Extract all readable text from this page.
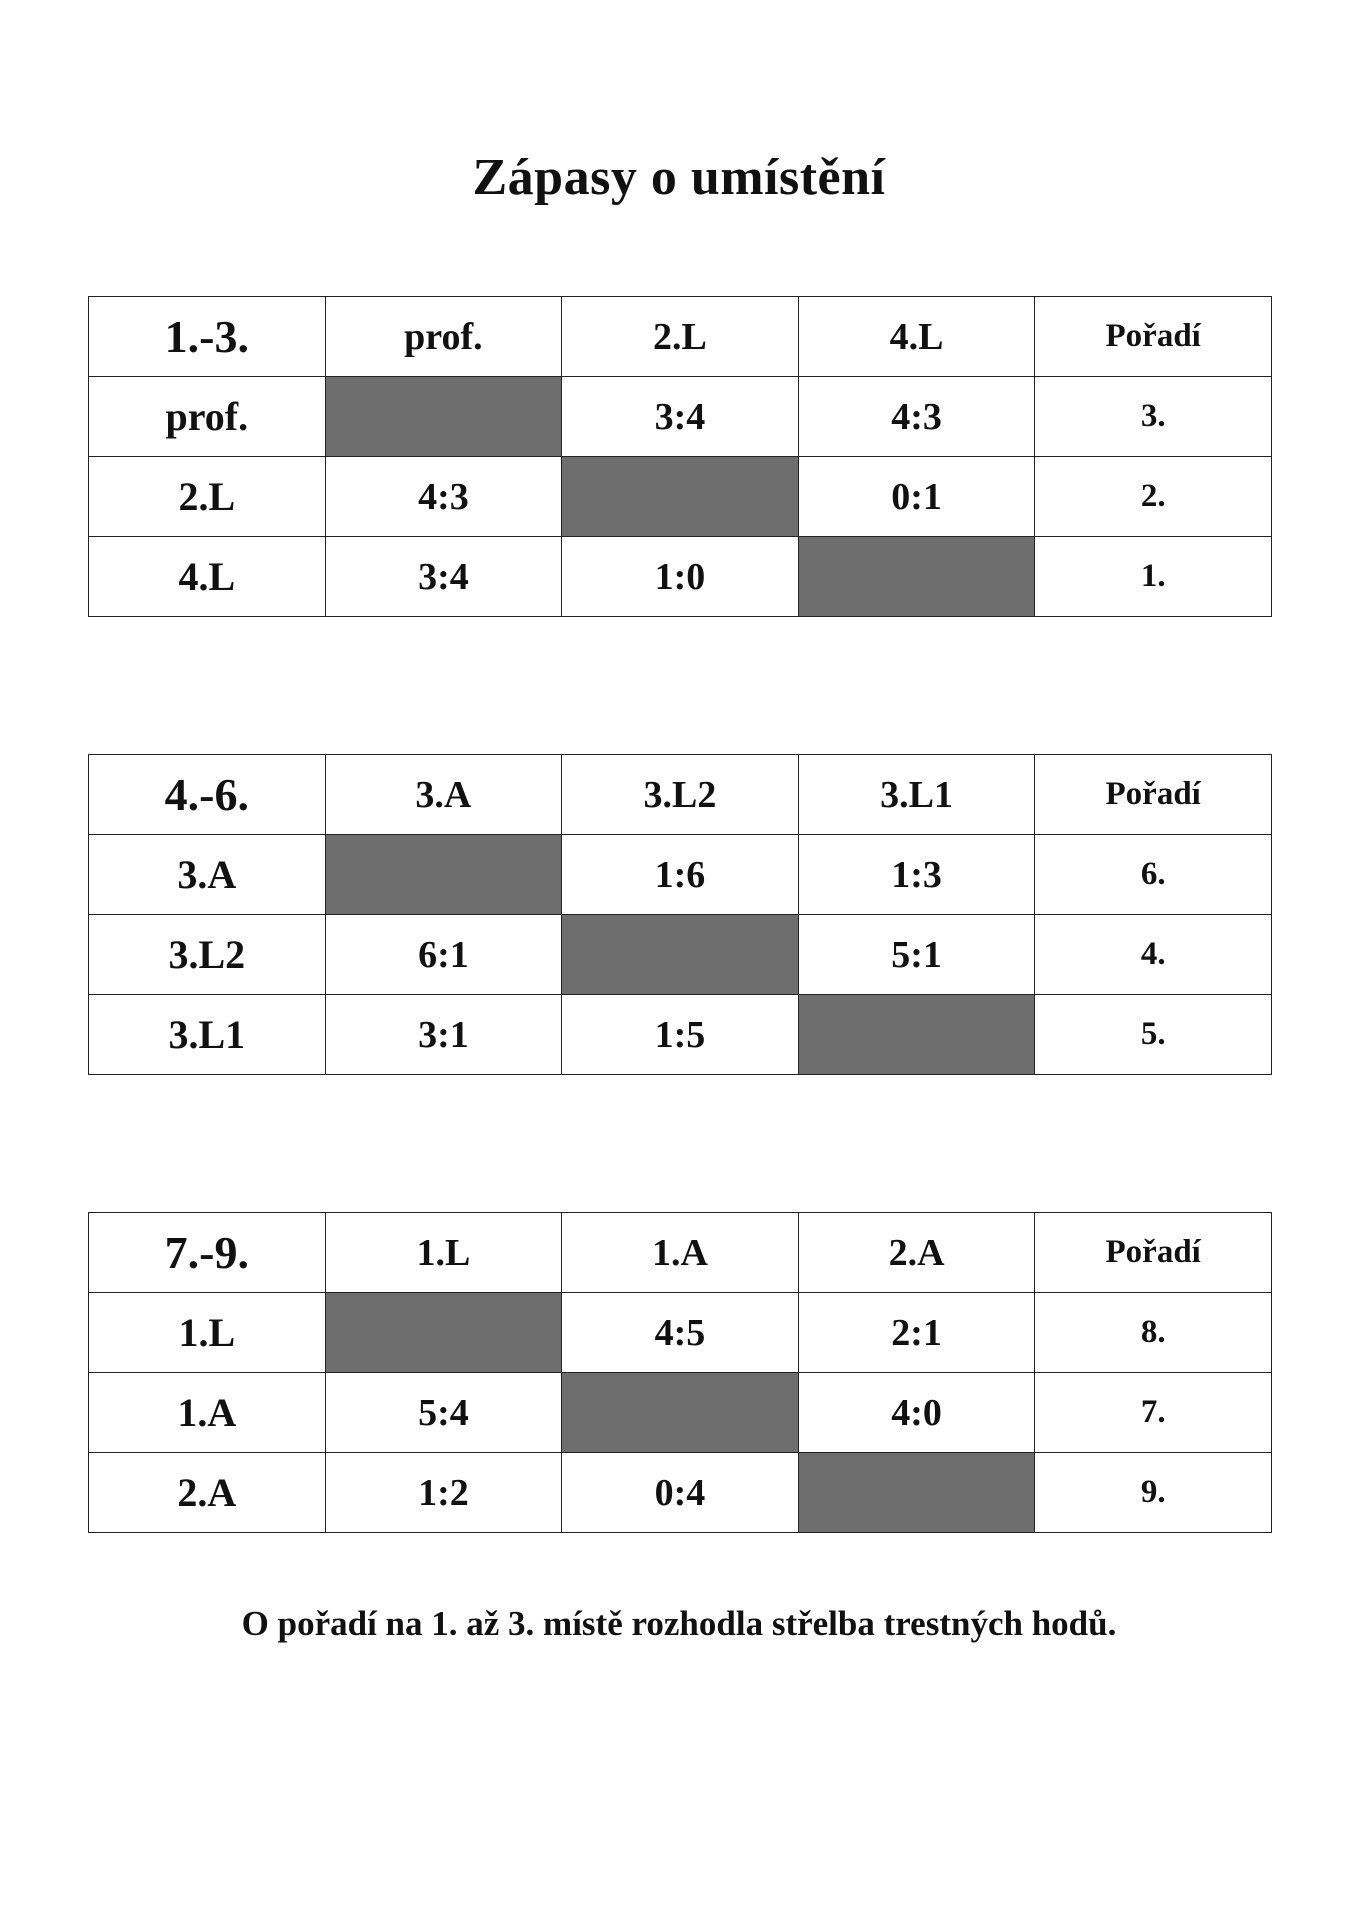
Zápasy o umístění
1.-3.	prof.	2.L	4.L	Pořadí
prof.		3:4	4:3	3.
2.L	4:3		0:1	2.
4.L	3:4	1:0		1.
4.-6.	3.A	3.L2	3.L1	Pořadí
3.A		1:6	1:3	6.
3.L2	6:1		5:1	4.
3.L1	3:1	1:5		5.
7.-9.	1.L	1.A	2.A	Pořadí
1.L		4:5	2:1	8.
1.A	5:4		4:0	7.
2.A	1:2	0:4		9.
O pořadí na 1. až 3. místě rozhodla střelba trestných hodů.
